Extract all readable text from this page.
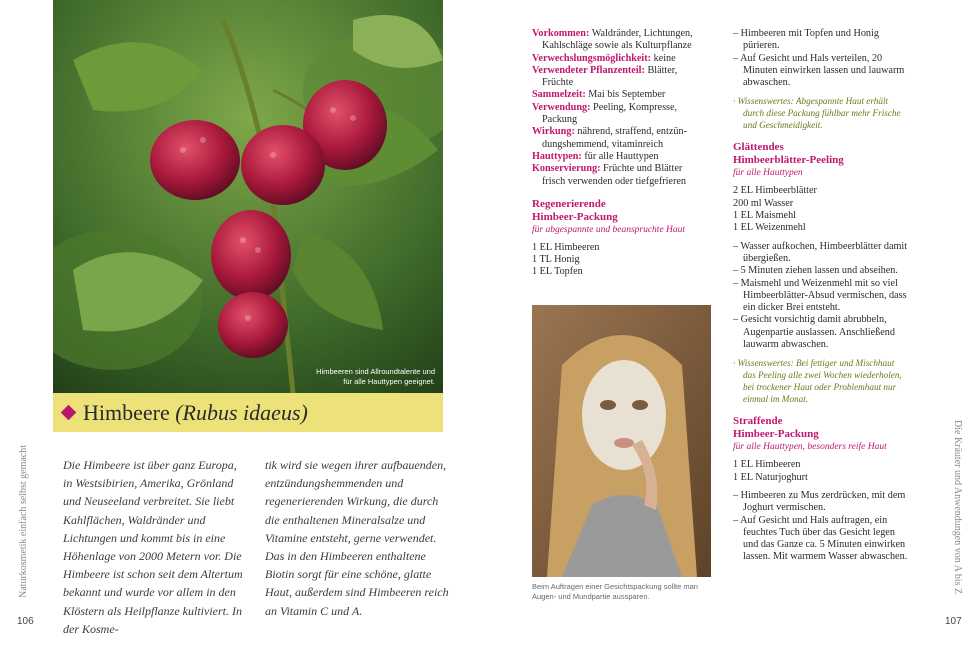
Himbeeren sind Allroundtalente und
für alle Hauttypen geeignet.
Himbeere (Rubus idaeus)

Die Himbeere ist über ganz Europa, in Westsibirien, Amerika, Grönland und Neuseeland verbreitet. Sie liebt Kahlflächen, Waldränder und Lichtungen und kommt bis in eine Höhenlage von 2000 Metern vor. Die Himbeere ist schon seit dem Altertum bekannt und wurde vor allem in den Klöstern als Heilpflanze kultiviert. In der Kosme-

tik wird sie wegen ihrer aufbauenden, entzündungshemmenden und regenerierenden Wirkung, die durch die enthaltenen Mineralsalze und Vitamine entsteht, gerne verwendet. Das in den Himbeeren enthaltene Biotin sorgt für eine schöne, glatte Haut, außerdem sind Himbeeren reich an Vitamin C und A.

Naturkosmetik einfach selbst gemacht
106
Vorkommen: Waldränder, Lichtungen,
Kahlschläge sowie als Kulturpflanze
Verwechslungsmöglichkeit: keine
Verwendeter Pflanzenteil: Blätter,
Früchte
Sammelzeit: Mai bis September
Verwendung: Peeling, Kompresse,
Packung
Wirkung: nährend, straffend, entzün-
dungshemmend, vitaminreich
Hauttypen: für alle Hauttypen
Konservierung: Früchte und Blätter
frisch verwenden oder tiefgefrieren
Regenerierende
Himbeer-Packung
für abgespannte und beanspruchte Haut
1 EL Himbeeren
1 TL Honig
1 EL Topfen
Beim Auftragen einer Gesichtspackung sollte man Augen- und Mundpartie aussparen.
– Himbeeren mit Topfen und Honig pürieren.
– Auf Gesicht und Hals verteilen, 20 Minuten einwirken lassen und lauwarm abwaschen.
· Wissenswertes: Abgespannte Haut erhält durch diese Packung fühlbar mehr Frische und Geschmeidigkeit.
Glättendes
Himbeerblätter-Peeling
für alle Hauttypen
2 EL Himbeerblätter
200 ml Wasser
1 EL Maismehl
1 EL Weizenmehl
– Wasser aufkochen, Himbeerblätter damit übergießen.
– 5 Minuten ziehen lassen und abseihen.
– Maismehl und Weizenmehl mit so viel Himbeerblätter-Absud vermischen, dass ein dicker Brei entsteht.
– Gesicht vorsichtig damit abrubbeln, Augenpartie auslassen. Anschließend lauwarm abwaschen.
· Wissenswertes: Bei fettiger und Mischhaut das Peeling alle zwei Wochen wiederholen, bei trockener Haut oder Problemhaut nur einmal im Monat.
Straffende
Himbeer-Packung
für alle Hauttypen, besonders reife Haut
1 EL Himbeeren
1 EL Naturjoghurt
– Himbeeren zu Mus zerdrücken, mit dem Joghurt vermischen.
– Auf Gesicht und Hals auftragen, ein feuchtes Tuch über das Gesicht legen und das Ganze ca. 5 Minuten einwirken lassen. Mit warmem Wasser abwaschen.	Die Kräuter und Anwendungen von A bis Z
107
